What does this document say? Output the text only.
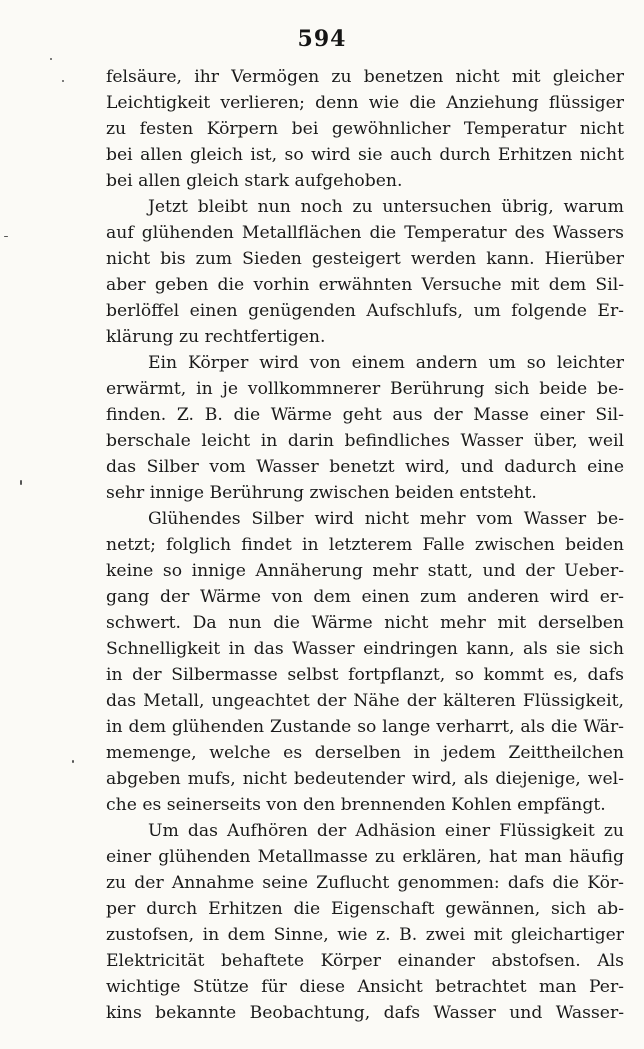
594
felsäure, ihr Vermögen zu benetzen nicht mit gleicher
Leichtigkeit verlieren; denn wie die Anziehung flüssiger
zu festen Körpern bei gewöhnlicher Temperatur nicht
bei allen gleich ist, so wird sie auch durch Erhitzen nicht
bei allen gleich stark aufgehoben.
Jetzt bleibt nun noch zu untersuchen übrig, warum
auf glühenden Metallflächen die Temperatur des Wassers
nicht bis zum Sieden gesteigert werden kann. Hierüber
aber geben die vorhin erwähnten Versuche mit dem Sil-
berlöffel einen genügenden Aufschlufs, um folgende Er-
klärung zu rechtfertigen.
Ein Körper wird von einem andern um so leichter
erwärmt, in je vollkommnerer Berührung sich beide be-
finden. Z. B. die Wärme geht aus der Masse einer Sil-
berschale leicht in darin befindliches Wasser über, weil
das Silber vom Wasser benetzt wird, und dadurch eine
sehr innige Berührung zwischen beiden entsteht.
Glühendes Silber wird nicht mehr vom Wasser be-
netzt; folglich findet in letzterem Falle zwischen beiden
keine so innige Annäherung mehr statt, und der Ueber-
gang der Wärme von dem einen zum anderen wird er-
schwert. Da nun die Wärme nicht mehr mit derselben
Schnelligkeit in das Wasser eindringen kann, als sie sich
in der Silbermasse selbst fortpflanzt, so kommt es, dafs
das Metall, ungeachtet der Nähe der kälteren Flüssigkeit,
in dem glühenden Zustande so lange verharrt, als die Wär-
memenge, welche es derselben in jedem Zeittheilchen
abgeben mufs, nicht bedeutender wird, als diejenige, wel-
che es seinerseits von den brennenden Kohlen empfängt.
Um das Aufhören der Adhäsion einer Flüssigkeit zu
einer glühenden Metallmasse zu erklären, hat man häufig
zu der Annahme seine Zuflucht genommen: dafs die Kör-
per durch Erhitzen die Eigenschaft gewännen, sich ab-
zustofsen, in dem Sinne, wie z. B. zwei mit gleichartiger
Elektricität behaftete Körper einander abstofsen. Als
wichtige Stütze für diese Ansicht betrachtet man Per-
kins bekannte Beobachtung, dafs Wasser und Wasser-
